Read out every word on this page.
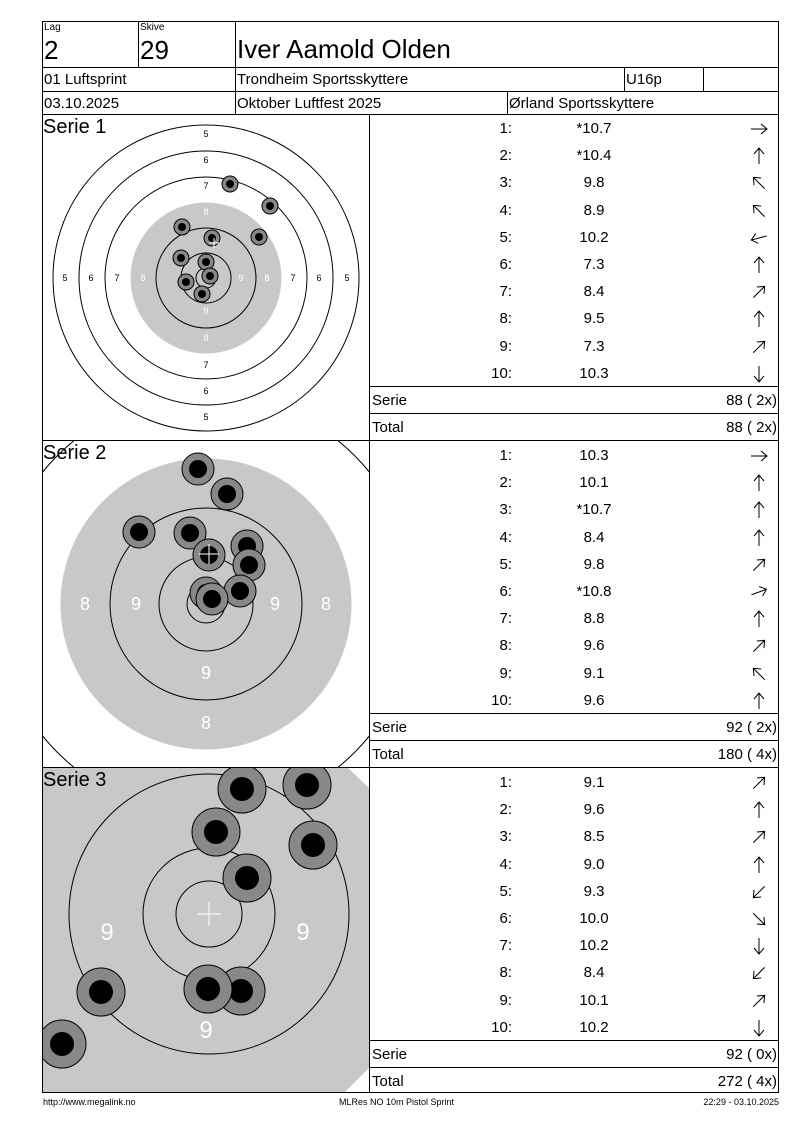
Lag
2
Skive
29	Iver Aamold Olden
01 Luftsprint	Trondheim Sportsskyttere	U16p
03.10.2025	Oktober Luftfest 2025	Ørland Sportsskyttere
5 6 7 8	9 8 7 6	5
5
6
7
8
9
8
7
6
5
8 9	9 8
9
8
9	9
9
Serie 1
Serie 2
Serie 3
1:	*10.7
2:	*10.4
3:	9.8
4:	8.9
5:	10.2
6:	7.3
7:	8.4
8:	9.5
9:	7.3
10:	10.3
1:	10.3
2:	10.1
3:	*10.7
4:	8.4
5:	9.8
6:	*10.8
7:	8.8
8:	9.6
9:	9.1
10:	9.6
1:	9.1
2:	9.6
3:	8.5
4:	9.0
5:	9.3
6:	10.0
7:	10.2
8:	8.4
9:	10.1
10:	10.2
Serie	88 ( 2x)
Total	88 ( 2x)
Serie	92 ( 2x)
Total	180 ( 4x)
Serie	92 ( 0x)
Total	272 ( 4x)
http://www.megalink.no	MLRes NO 10m Pistol Sprint	22:29 - 03.10.2025
